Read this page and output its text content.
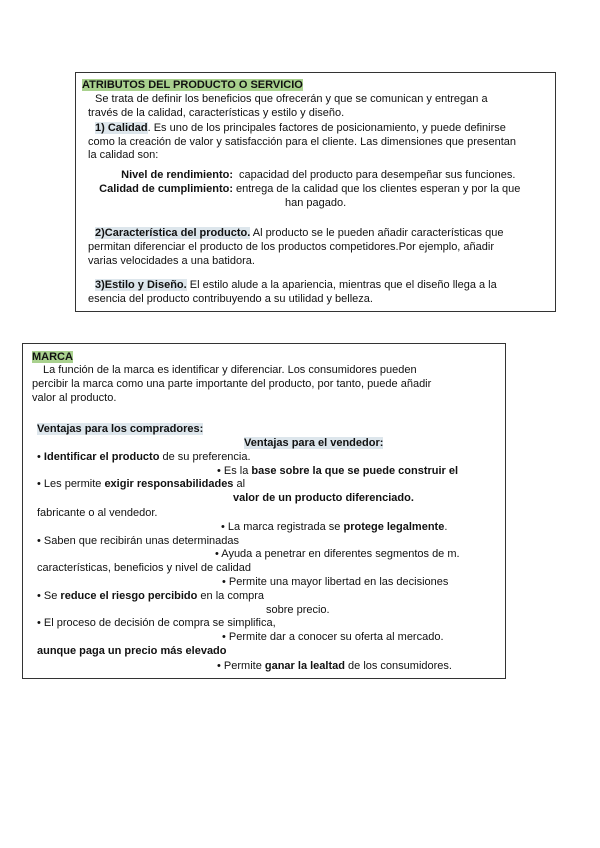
ATRIBUTOS DEL PRODUCTO O SERVICIO
Se trata de definir los beneficios que ofrecerán y que se comunican y entregan a
través de la calidad, características y estilo y diseño.
1) Calidad. Es uno de los principales factores de posicionamiento, y puede definirse
como la creación de valor y satisfacción para el cliente. Las dimensiones que presentan
la calidad son:
Nivel de rendimiento: capacidad del producto para desempeñar sus funciones.
Calidad de cumplimiento: entrega de la calidad que los clientes esperan y por la que
han pagado.
2)Característica del producto. Al producto se le pueden añadir características que
permitan diferenciar el producto de los productos competidores.Por ejemplo, añadir
varias velocidades a una batidora.
3)Estilo y Diseño. El estilo alude a la apariencia, mientras que el diseño llega a la
esencia del producto contribuyendo a su utilidad y belleza.
MARCA
La función de la marca es identificar y diferenciar. Los consumidores pueden
percibir la marca como una parte importante del producto, por tanto, puede añadir
valor al producto.
Ventajas para los compradores:
Ventajas para el vendedor:
• Identificar el producto de su preferencia.
• Es la base sobre la que se puede construir el
• Les permite exigir responsabilidades al
valor de un producto diferenciado.
fabricante o al vendedor.
• La marca registrada se protege legalmente.
• Saben que recibirán unas determinadas
• Ayuda a penetrar en diferentes segmentos de m.
características, beneficios y nivel de calidad
• Permite una mayor libertad en las decisiones
• Se reduce el riesgo percibido en la compra
sobre precio.
• El proceso de decisión de compra se simplifica,
• Permite dar a conocer su oferta al mercado.
aunque paga un precio más elevado
• Permite ganar la lealtad de los consumidores.
